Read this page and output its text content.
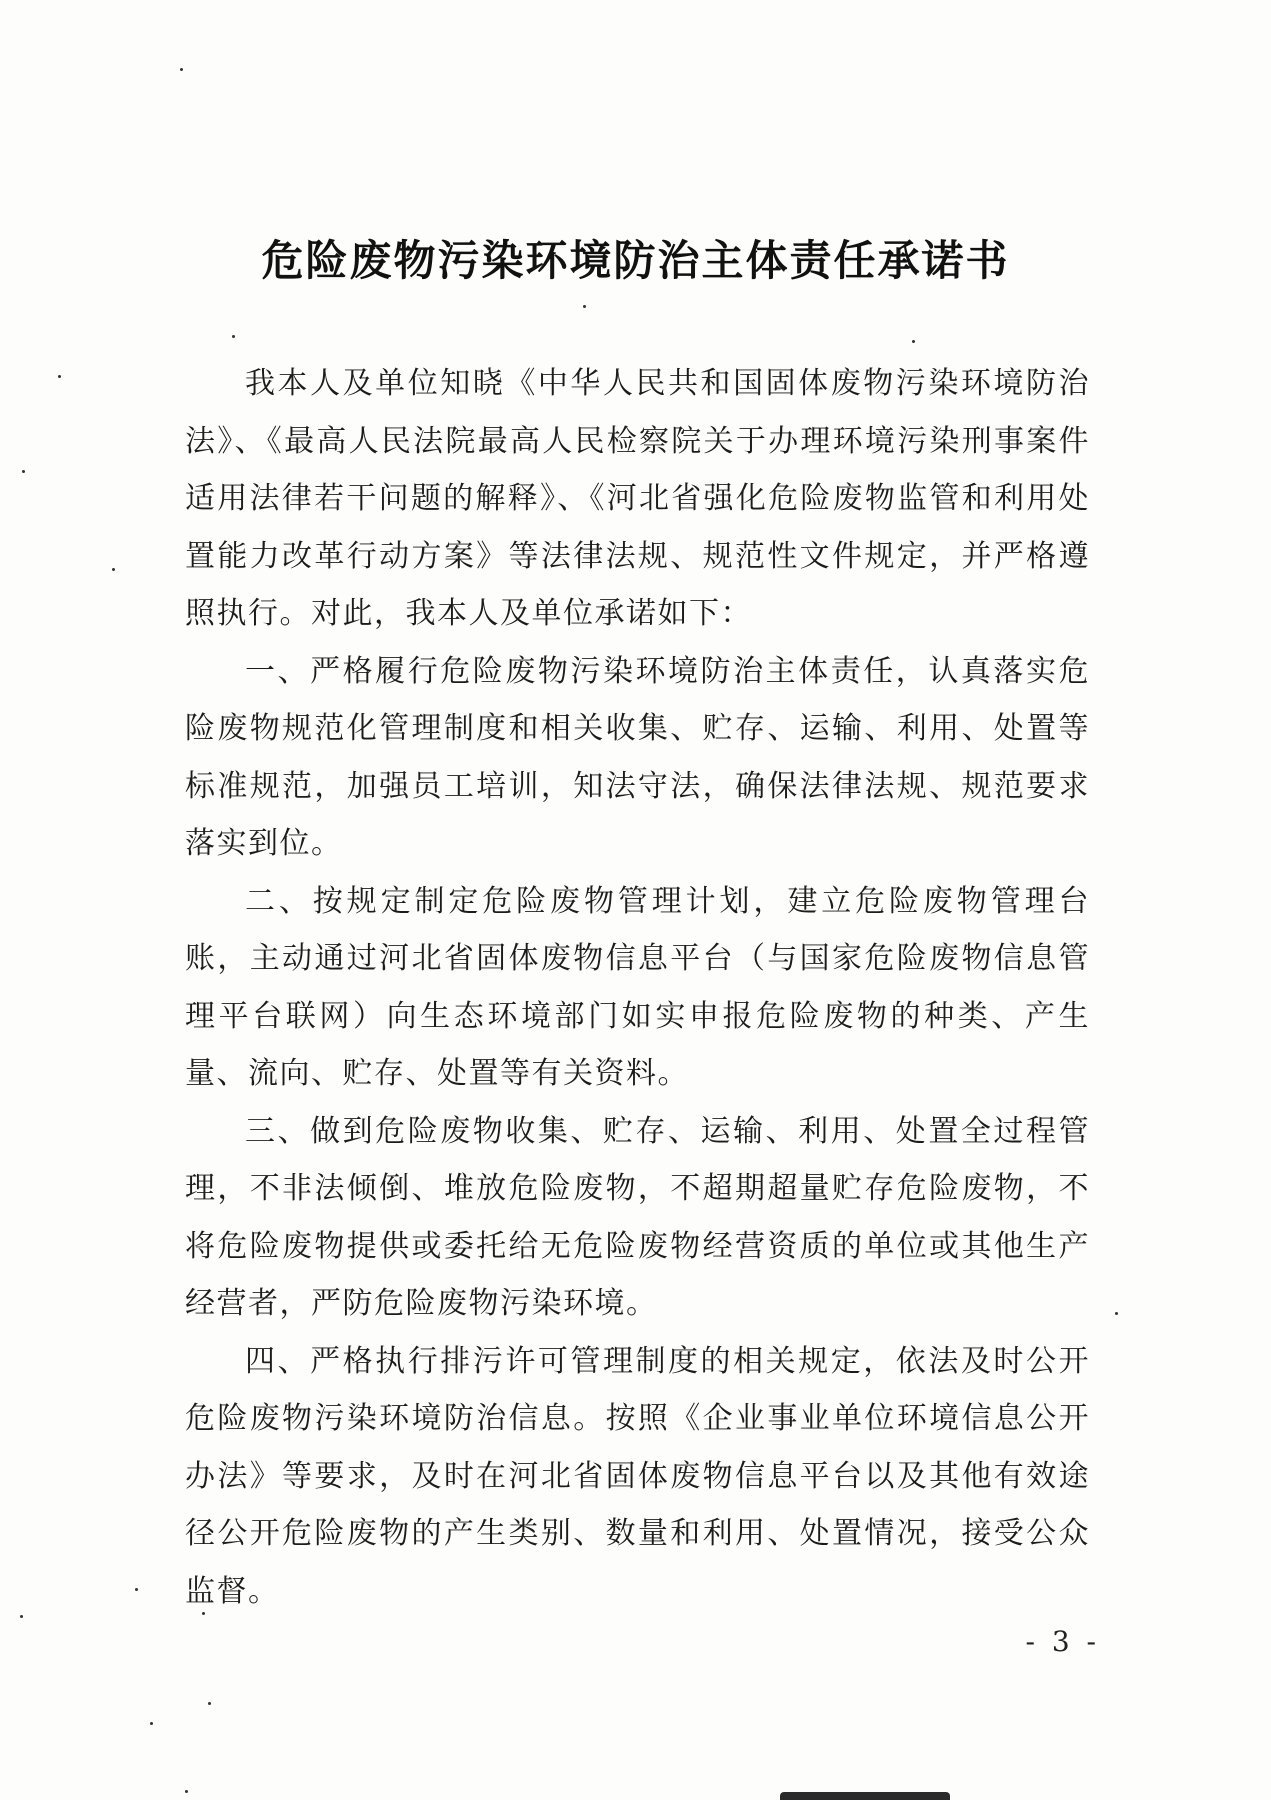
危险废物污染环境防治主体责任承诺书

我本人及单位知晓《中华人民共和国固体废物污染环境防治法》、《最高人民法院最高人民检察院关于办理环境污染刑事案件适用法律若干问题的解释》、《河北省强化危险废物监管和利用处置能力改革行动方案》等法律法规、规范性文件规定，并严格遵照执行。对此，我本人及单位承诺如下：

一、严格履行危险废物污染环境防治主体责任，认真落实危险废物规范化管理制度和相关收集、贮存、运输、利用、处置等标准规范，加强员工培训，知法守法，确保法律法规、规范要求落实到位。

二、按规定制定危险废物管理计划，建立危险废物管理台账，主动通过河北省固体废物信息平台（与国家危险废物信息管理平台联网）向生态环境部门如实申报危险废物的种类、产生量、流向、贮存、处置等有关资料。

三、做到危险废物收集、贮存、运输、利用、处置全过程管理，不非法倾倒、堆放危险废物，不超期超量贮存危险废物，不将危险废物提供或委托给无危险废物经营资质的单位或其他生产经营者，严防危险废物污染环境。

四、严格执行排污许可管理制度的相关规定，依法及时公开危险废物污染环境防治信息。按照《企业事业单位环境信息公开办法》等要求，及时在河北省固体废物信息平台以及其他有效途径公开危险废物的产生类别、数量和利用、处置情况，接受公众监督。

- 3 -
